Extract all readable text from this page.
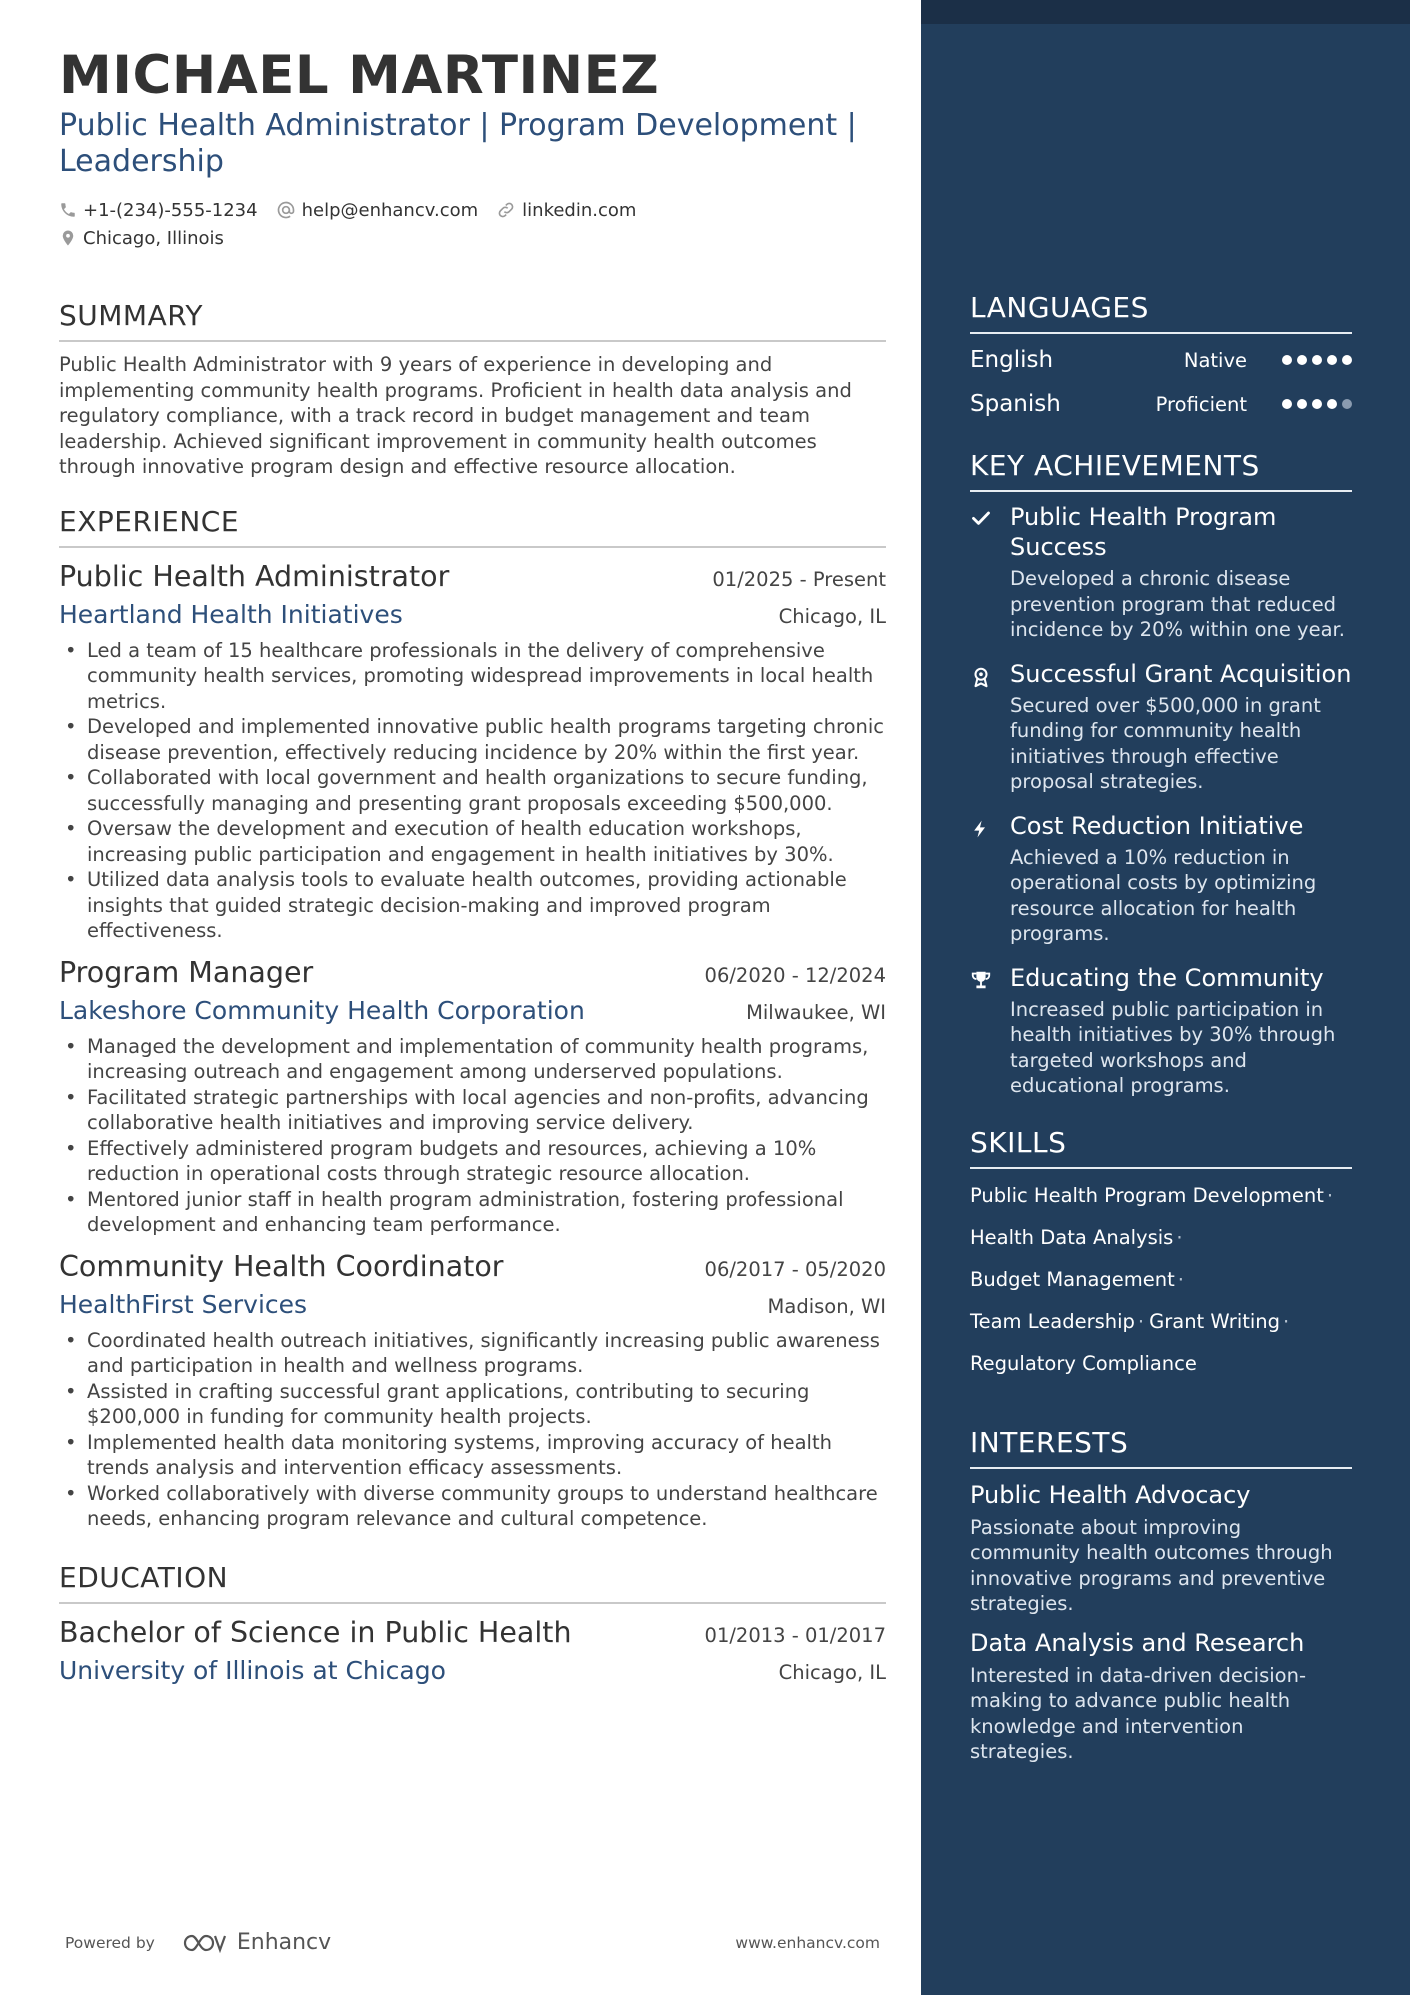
MICHAEL MARTINEZ
Public Health Administrator | Program Development |
Leadership
+1-(234)-555-1234 help@enhancv.com linkedin.com
Chicago, Illinois
SUMMARY
Public Health Administrator with 9 years of experience in developing and implementing community health programs. Proficient in health data analysis and regulatory compliance, with a track record in budget management and team leadership. Achieved significant improvement in community health outcomes through innovative program design and effective resource allocation.
EXPERIENCE
Public Health Administrator	01/2025 - Present
Heartland Health Initiatives	Chicago, IL
• Led a team of 15 healthcare professionals in the delivery of comprehensive community health services, promoting widespread improvements in local health metrics.
• Developed and implemented innovative public health programs targeting chronic disease prevention, effectively reducing incidence by 20% within the first year.
• Collaborated with local government and health organizations to secure funding, successfully managing and presenting grant proposals exceeding $500,000.
• Oversaw the development and execution of health education workshops, increasing public participation and engagement in health initiatives by 30%.
• Utilized data analysis tools to evaluate health outcomes, providing actionable insights that guided strategic decision-making and improved program effectiveness.
Program Manager	06/2020 - 12/2024
Lakeshore Community Health Corporation	Milwaukee, WI
• Managed the development and implementation of community health programs, increasing outreach and engagement among underserved populations.
• Facilitated strategic partnerships with local agencies and non-profits, advancing collaborative health initiatives and improving service delivery.
• Effectively administered program budgets and resources, achieving a 10% reduction in operational costs through strategic resource allocation.
• Mentored junior staff in health program administration, fostering professional development and enhancing team performance.
Community Health Coordinator	06/2017 - 05/2020
HealthFirst Services	Madison, WI
• Coordinated health outreach initiatives, significantly increasing public awareness and participation in health and wellness programs.
• Assisted in crafting successful grant applications, contributing to securing $200,000 in funding for community health projects.
• Implemented health data monitoring systems, improving accuracy of health trends analysis and intervention efficacy assessments.
• Worked collaboratively with diverse community groups to understand healthcare needs, enhancing program relevance and cultural competence.
EDUCATION
Bachelor of Science in Public Health	01/2013 - 01/2017
University of Illinois at Chicago	Chicago, IL
Powered by	Enhancv	www.enhancv.com
LANGUAGES
English	Native
Spanish	Proficient
KEY ACHIEVEMENTS
Public Health Program Success
Developed a chronic disease prevention program that reduced incidence by 20% within one year.
Successful Grant Acquisition
Secured over $500,000 in grant funding for community health initiatives through effective proposal strategies.
Cost Reduction Initiative
Achieved a 10% reduction in operational costs by optimizing resource allocation for health programs.
Educating the Community
Increased public participation in health initiatives by 30% through targeted workshops and educational programs.
SKILLS
Public Health Program Development ·
Health Data Analysis ·
Budget Management ·
Team Leadership · Grant Writing ·
Regulatory Compliance
INTERESTS
Public Health Advocacy
Passionate about improving community health outcomes through innovative programs and preventive strategies.
Data Analysis and Research
Interested in data-driven decision-making to advance public health knowledge and intervention strategies.
